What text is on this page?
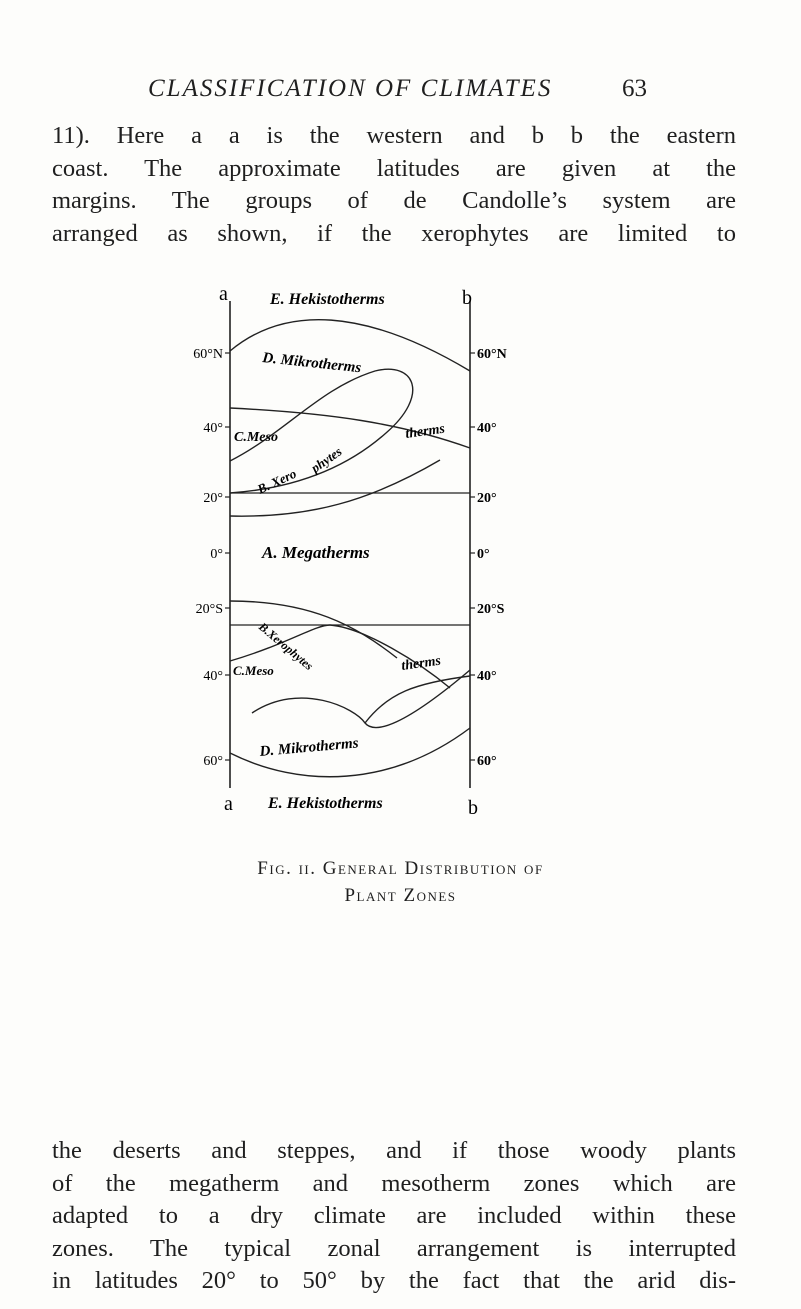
CLASSIFICATION OF CLIMATES	63

11). Here a a is the western and b b the eastern
coast. The approximate latitudes are given at the
margins. The groups of de Candolle’s system are
arranged as shown, if the xerophytes are limited to

a	b
a	b
60°N
40°
20°
0°
20°S
40°
60°
60°N
40°
20°
0°
20°S
40°
60°
E. Hekistotherms
D. Mikrotherms
C.Meso	therms
B. Xero
phytes
A. Megatherms
B.Xerophytes
C.Meso	therms
D. Mikrotherms
E. Hekistotherms
Fig. ii. General Distribution of
Plant Zones

the deserts and steppes, and if those woody plants
of the megatherm and mesotherm zones which are
adapted to a dry climate are included within these
zones. The typical zonal arrangement is interrupted
in latitudes 20° to 50° by the fact that the arid dis-
